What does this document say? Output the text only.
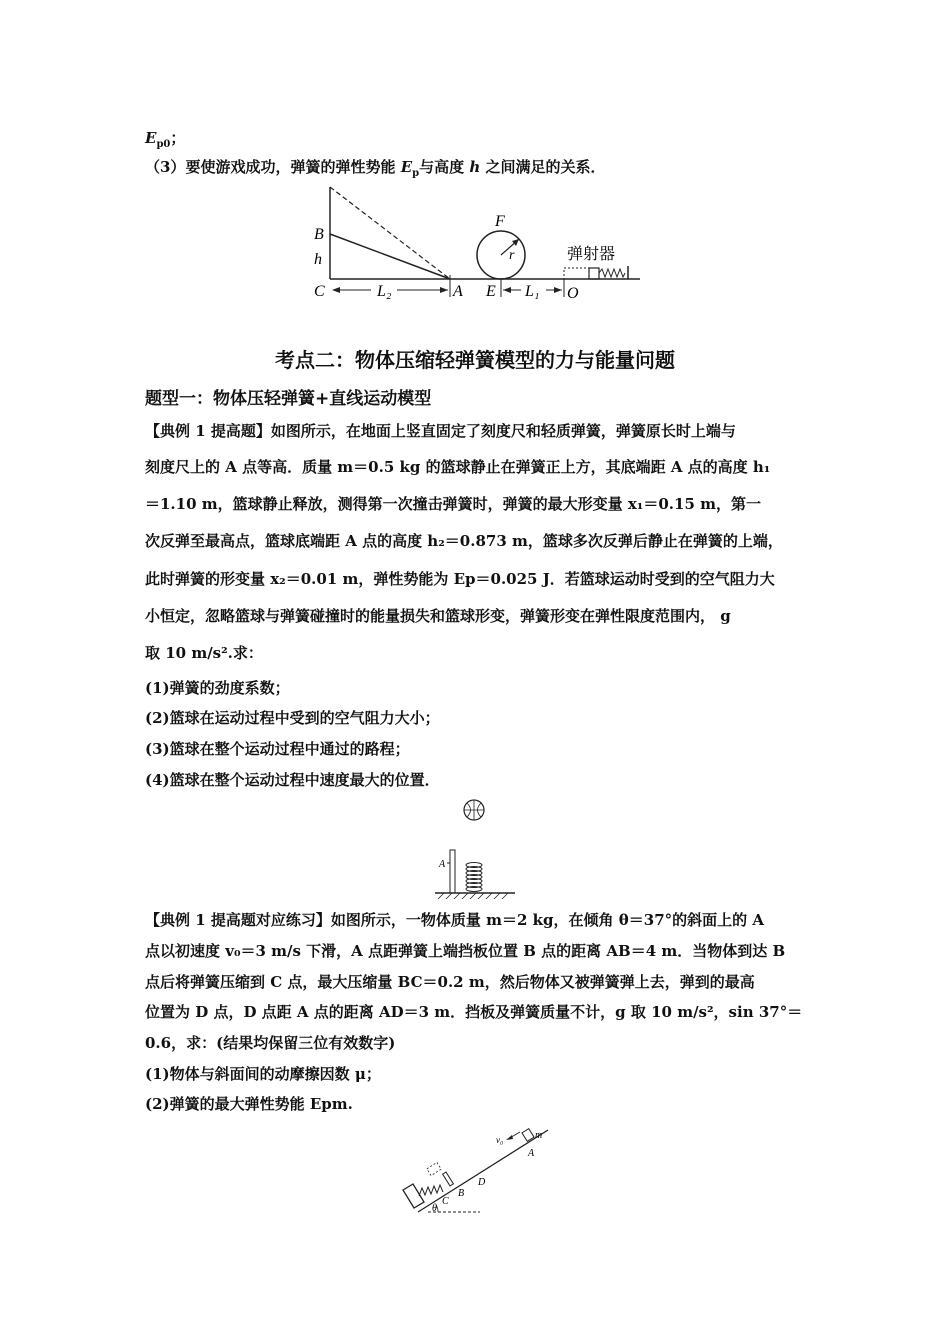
$E_{p0}$；
（3）要使游戏成功，弹簧的弹性势能 $E_p$与高度 h 之间满足的关系．
B
h
C	L₂	A E L₁ O
F
r	弹射器
考点二：物体压缩轻弹簧模型的力与能量问题
题型一：物体压轻弹簧+直线运动模型
【典例 1 提高题】如图所示，在地面上竖直固定了刻度尺和轻质弹簧，弹簧原长时上端与
刻度尺上的 A 点等高．质量 m＝0.5 kg 的篮球静止在弹簧正上方，其底端距 A 点的高度 h₁
＝1.10 m，篮球静止释放，测得第一次撞击弹簧时，弹簧的最大形变量 x₁＝0.15 m，第一
次反弹至最高点，篮球底端距 A 点的高度 h₂＝0.873 m，篮球多次反弹后静止在弹簧的上端，
此时弹簧的形变量 x₂＝0.01 m，弹性势能为 Ep＝0.025 J．若篮球运动时受到的空气阻力大
小恒定，忽略篮球与弹簧碰撞时的能量损失和篮球形变，弹簧形变在弹性限度范围内， g
取 10 m/s².求：
(1)弹簧的劲度系数；
(2)篮球在运动过程中受到的空气阻力大小；
(3)篮球在整个运动过程中通过的路程；
(4)篮球在整个运动过程中速度最大的位置．
A
【典例 1 提高题对应练习】如图所示，一物体质量 m＝2 kg，在倾角 θ＝37°的斜面上的 A
点以初速度 v₀＝3 m/s 下滑，A 点距弹簧上端挡板位置 B 点的距离 AB＝4 m．当物体到达 B
点后将弹簧压缩到 C 点，最大压缩量 BC＝0.2 m，然后物体又被弹簧弹上去，弹到的最高
位置为 D 点，D 点距 A 点的距离 AD＝3 m．挡板及弹簧质量不计，g 取 10 m/s²，sin 37°＝
0.6，求：(结果均保留三位有效数字)
(1)物体与斜面间的动摩擦因数 μ；
(2)弹簧的最大弹性势能 Epm.
θ
C
B
D
m
A
v₀
